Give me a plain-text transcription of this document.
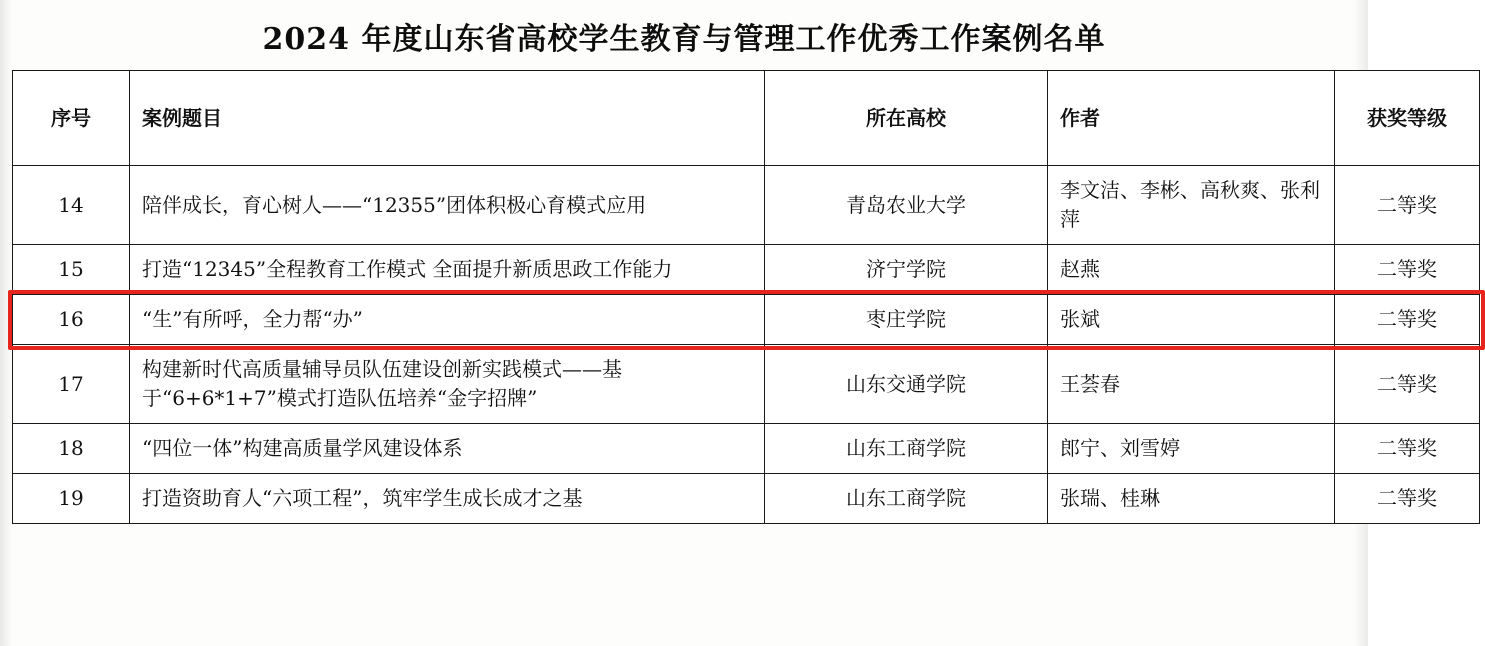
2024 年度山东省高校学生教育与管理工作优秀工作案例名单
序号	案例题目	所在高校	作者	获奖等级
14	陪伴成长，育心树人——“12355”团体积极心育模式应用	青岛农业大学	李文洁、李彬、高秋爽、张利萍	二等奖
15	打造“12345”全程教育工作模式 全面提升新质思政工作能力	济宁学院	赵燕	二等奖
16	“生”有所呼，全力帮“办”	枣庄学院	张斌	二等奖
17	构建新时代高质量辅导员队伍建设创新实践模式——基于“6+6*1+7”模式打造队伍培养“金字招牌”	山东交通学院	王荟春	二等奖
18	“四位一体”构建高质量学风建设体系	山东工商学院	郎宁、刘雪婷	二等奖
19	打造资助育人“六项工程”，筑牢学生成长成才之基	山东工商学院	张瑞、桂琳	二等奖
